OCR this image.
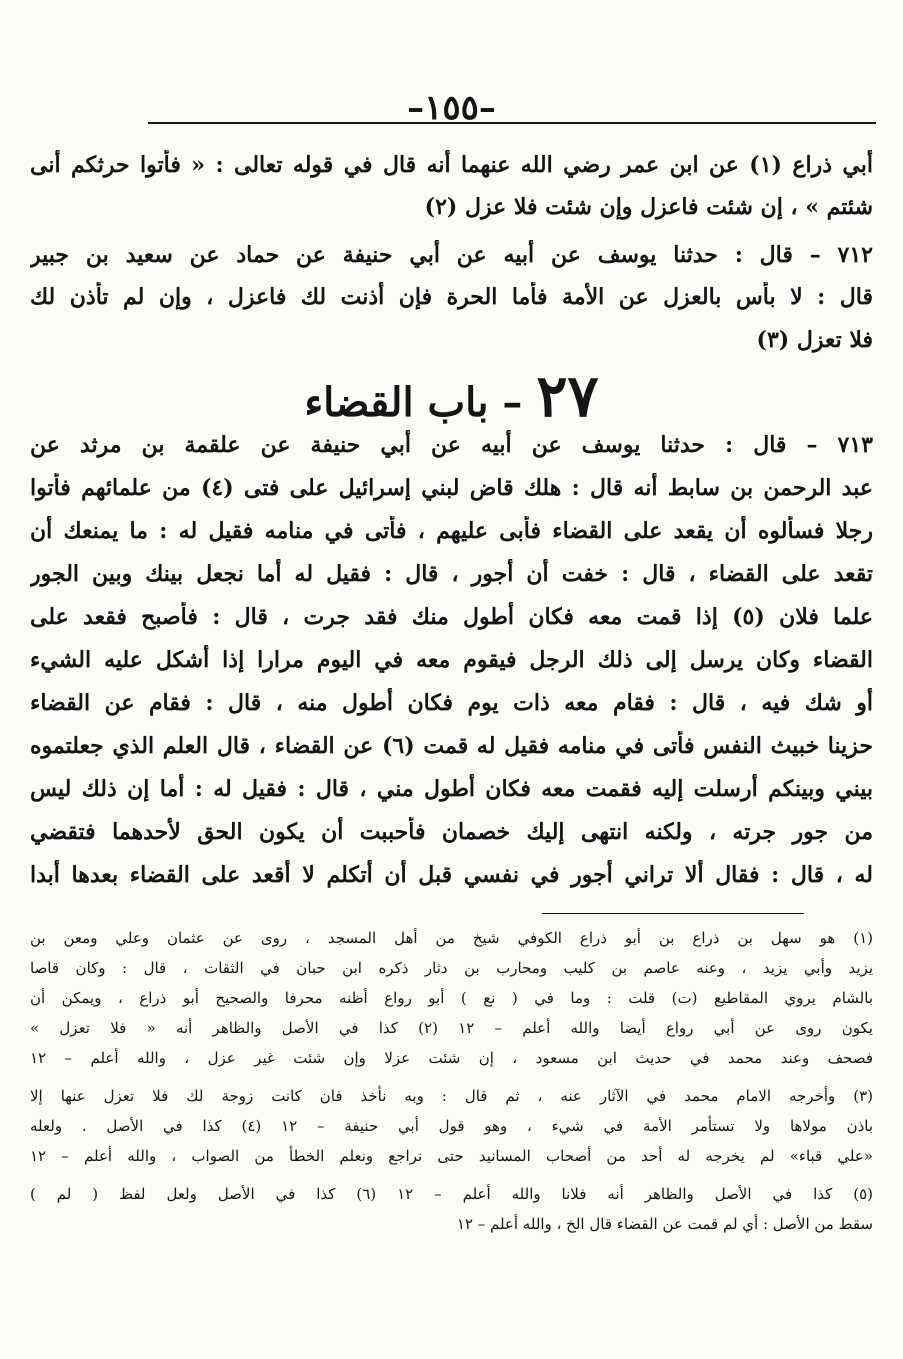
–١٥٥–
أبي ذراع (١) عن ابن عمر رضي الله عنهما أنه قال في قوله تعالى : « فأتوا حرثكم أنى
شئتم » ، إن شئت فاعزل وإن شئت فلا عزل (٢)
٧١٢ – قال : حدثنا يوسف عن أبيه عن أبي حنيفة عن حماد عن سعيد بن جبير
قال : لا بأس بالعزل عن الأمة فأما الحرة فإن أذنت لك فاعزل ، وإن لم تأذن لك
فلا تعزل (٣)
٢٧ – باب القضاء
٧١٣ – قال : حدثنا يوسف عن أبيه عن أبي حنيفة عن علقمة بن مرثد عن
عبد الرحمن بن سابط أنه قال : هلك قاض لبني إسرائيل على فتى (٤) من علمائهم فأتوا
رجلا فسألوه أن يقعد على القضاء فأبى عليهم ، فأتى في منامه فقيل له : ما يمنعك أن
تقعد على القضاء ، قال : خفت أن أجور ، قال : فقيل له أما نجعل بينك وبين الجور
علما فلان (٥) إذا قمت معه فكان أطول منك فقد جرت ، قال : فأصبح فقعد على
القضاء وكان يرسل إلى ذلك الرجل فيقوم معه في اليوم مرارا إذا أشكل عليه الشيء
أو شك فيه ، قال : فقام معه ذات يوم فكان أطول منه ، قال : فقام عن القضاء
حزينا خبيث النفس فأتى في منامه فقيل له قمت (٦) عن القضاء ، قال العلم الذي جعلتموه
بيني وبينكم أرسلت إليه فقمت معه فكان أطول مني ، قال : فقيل له : أما إن ذلك ليس
من جور جرته ، ولكنه انتهى إليك خصمان فأحببت أن يكون الحق لأحدهما فتقضي
له ، قال : فقال ألا تراني أجور في نفسي قبل أن أتكلم لا أقعد على القضاء بعدها أبدا
(١) هو سهل بن ذراع بن أبو ذراع الكوفي شيخ من أهل المسجد ، روى عن عثمان وعلي ومعن بن
يزيد وأبي يزيد ، وعنه عاصم بن كليب ومحارب بن دثار ذكره ابن حبان في الثقات ، قال : وكان قاصا
بالشام يروي المقاطيع (ت) قلت : وما في ( نع ) أبو رواع أظنه محرفا والصحيح أبو ذراع ، ويمكن أن
يكون روى عن أبي رواع أيضا والله أعلم – ١٢ (٢) كذا في الأصل والظاهر أنه « فلا تعزل »
فصحف وعند محمد في حديث ابن مسعود ، إن شئت عزلا وإن شئت غير عزل ، والله أعلم – ١٢
(٣) وأخرجه الامام محمد في الآثار عنه ، ثم قال : وبه نأخذ فان كانت زوجة لك فلا تعزل عنها إلا
باذن مولاها ولا تستأمر الأمة في شيء ، وهو قول أبي حنيفة – ١٢ (٤) كذا في الأصل . ولعله
«علي قباء» لم يخرجه له أحد من أصحاب المسانيد حتى نراجع ونعلم الخطأ من الصواب ، والله أعلم – ١٢
(٥) كذا في الأصل والظاهر أنه فلانا والله أعلم – ١٢ (٦) كذا في الأصل ولعل لفظ ( لم )
سقط من الأصل : أي لم قمت عن القضاء قال الخ ، والله أعلم – ١٢
